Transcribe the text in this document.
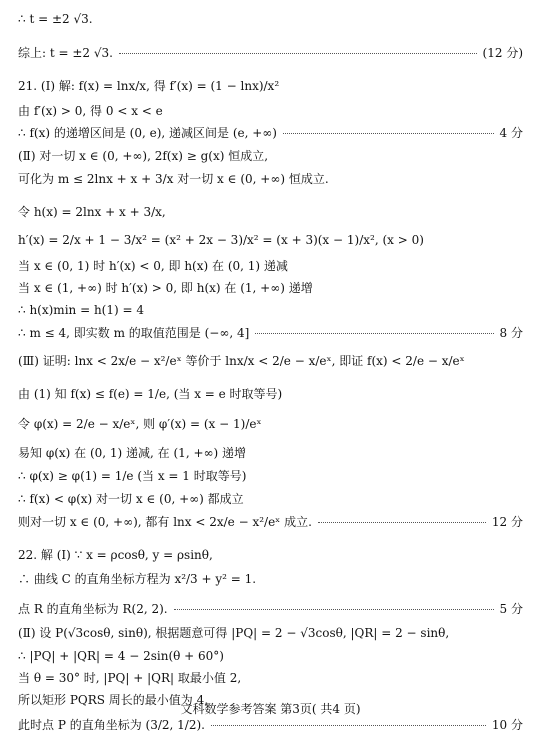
∴ t = ±2 √3.
综上: t = ±2 √3.	(12 分)
21. (Ⅰ) 解: f(x) = lnx/x, 得 f′(x) = (1 − lnx)/x²
由 f′(x) > 0, 得 0 < x < e
∴ f(x) 的递增区间是 (0, e), 递减区间是 (e, +∞)	4 分
(Ⅱ) 对一切 x ∈ (0, +∞), 2f(x) ≥ g(x) 恒成立,
可化为 m ≤ 2lnx + x + 3/x 对一切 x ∈ (0, +∞) 恒成立.
令 h(x) = 2lnx + x + 3/x,
h′(x) = 2/x + 1 − 3/x² = (x² + 2x − 3)/x² = (x + 3)(x − 1)/x², (x > 0)
当 x ∈ (0, 1) 时 h′(x) < 0, 即 h(x) 在 (0, 1) 递减
当 x ∈ (1, +∞) 时 h′(x) > 0, 即 h(x) 在 (1, +∞) 递增
∴ h(x)min = h(1) = 4
∴ m ≤ 4, 即实数 m 的取值范围是 (−∞, 4]	8 分
(Ⅲ) 证明: lnx < 2x/e − x²/eˣ 等价于 lnx/x < 2/e − x/eˣ, 即证 f(x) < 2/e − x/eˣ
由 (1) 知 f(x) ≤ f(e) = 1/e, (当 x = e 时取等号)
令 φ(x) = 2/e − x/eˣ, 则 φ′(x) = (x − 1)/eˣ
易知 φ(x) 在 (0, 1) 递减, 在 (1, +∞) 递增
∴ φ(x) ≥ φ(1) = 1/e (当 x = 1 时取等号)
∴ f(x) < φ(x) 对一切 x ∈ (0, +∞) 都成立
则对一切 x ∈ (0, +∞), 都有 lnx < 2x/e − x²/eˣ 成立.	12 分
22. 解 (Ⅰ) ∵ x = ρcosθ, y = ρsinθ,
∴ 曲线 C 的直角坐标方程为 x²/3 + y² = 1.
点 R 的直角坐标为 R(2, 2).	5 分
(Ⅱ) 设 P(√3cosθ, sinθ), 根据题意可得 |PQ| = 2 − √3cosθ, |QR| = 2 − sinθ,
∴ |PQ| + |QR| = 4 − 2sin(θ + 60°)
当 θ = 30° 时, |PQ| + |QR| 取最小值 2,
所以矩形 PQRS 周长的最小值为 4,
此时点 P 的直角坐标为 (3/2, 1/2).	10 分
文科数学参考答案 第3页( 共4 页)
